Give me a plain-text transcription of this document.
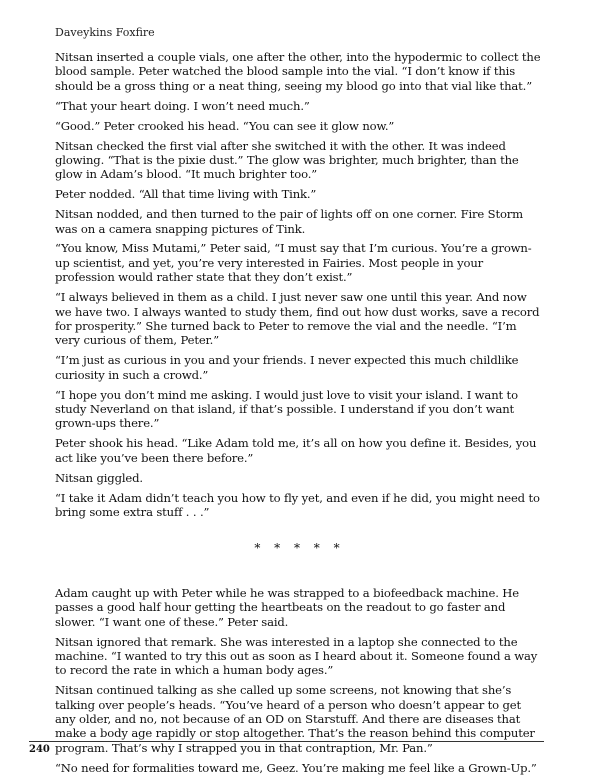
Daveykins Foxfire

Nitsan inserted a couple vials, one after the other, into the hypodermic to collect the blood sample. Peter watched the blood sample into the vial. “I don’t know if this should be a gross thing or a neat thing, seeing my blood go into that vial like that.”

“That your heart doing. I won’t need much.”

“Good.” Peter crooked his head. “You can see it glow now.”

Nitsan checked the first vial after she switched it with the other. It was indeed glowing. “That is the pixie dust.” The glow was brighter, much brighter, than the glow in Adam’s blood. “It much brighter too.”

Peter nodded. “All that time living with Tink.”

Nitsan nodded, and then turned to the pair of lights off on one corner. Fire Storm was on a camera snapping pictures of Tink.

“You know, Miss Mutami,” Peter said, “I must say that I’m curious. You’re a grown-up scientist, and yet, you’re very interested in Fairies. Most people in your profession would rather state that they don’t exist.”

“I always believed in them as a child. I just never saw one until this year. And now we have two. I always wanted to study them, find out how dust works, save a record for prosperity.” She turned back to Peter to remove the vial and the needle. “I’m very curious of them, Peter.”

“I’m just as curious in you and your friends. I never expected this much childlike curiosity in such a crowd.”

“I hope you don’t mind me asking. I would just love to visit your island. I want to study Neverland on that island, if that’s possible. I understand if you don’t want grown-ups there.”

Peter shook his head. “Like Adam told me, it’s all on how you define it. Besides, you act like you’ve been there before.”

Nitsan giggled.

“I take it Adam didn’t teach you how to fly yet, and even if he did, you might need to bring some extra stuff . . .”

* * * * *

Adam caught up with Peter while he was strapped to a biofeedback machine. He passes a good half hour getting the heartbeats on the readout to go faster and slower. “I want one of these.” Peter said.

Nitsan ignored that remark. She was interested in a laptop she connected to the machine. “I wanted to try this out as soon as I heard about it. Someone found a way to record the rate in which a human body ages.”

Nitsan continued talking as she called up some screens, not knowing that she’s talking over people’s heads. “You’ve heard of a person who doesn’t appear to get any older, and no, not because of an OD on Starstuff. And there are diseases that make a body age rapidly or stop altogether. That’s the reason behind this computer program. That’s why I strapped you in that contraption, Mr. Pan.”

“No need for formalities toward me, Geez. You’re making me feel like a Grown-Up.”

240
